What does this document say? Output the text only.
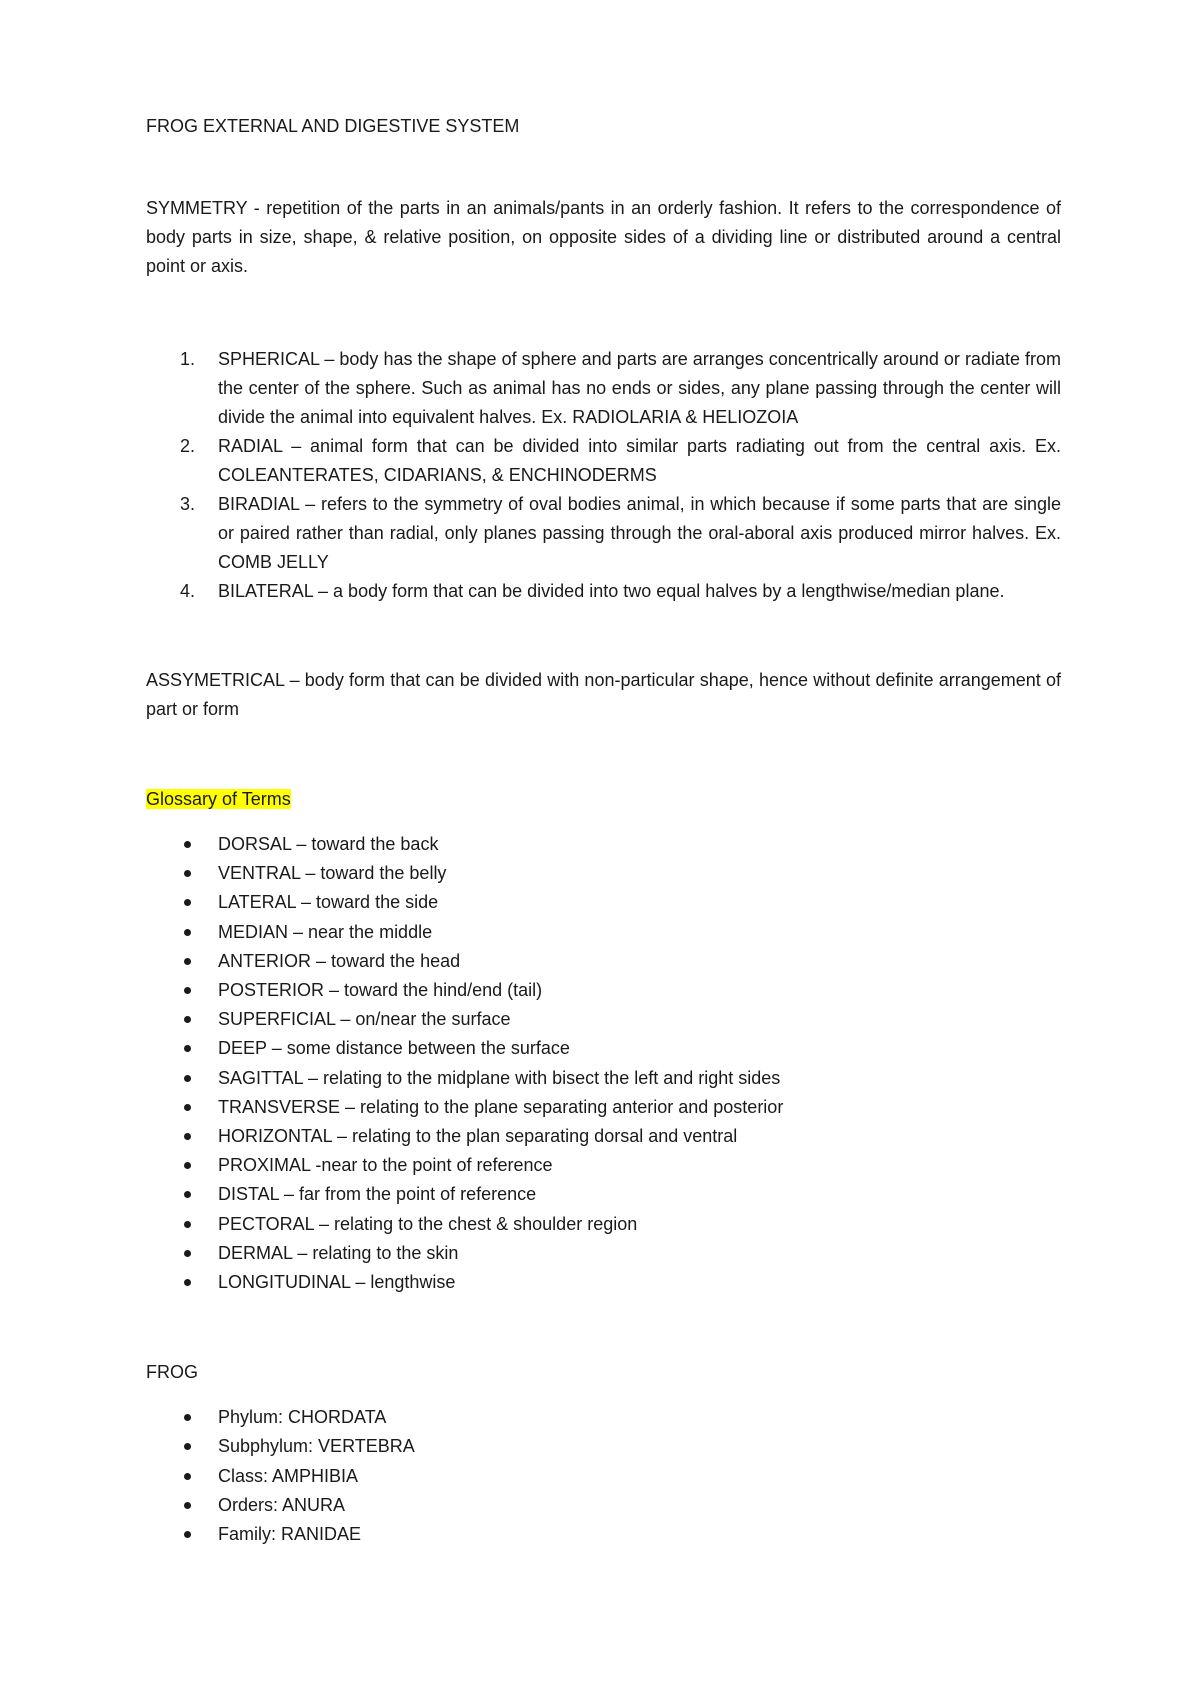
FROG EXTERNAL AND DIGESTIVE SYSTEM

SYMMETRY - repetition of the parts in an animals/pants in an orderly fashion. It refers to the correspondence of body parts in size, shape, & relative position, on opposite sides of a dividing line or distributed around a central point or axis.

1. SPHERICAL – body has the shape of sphere and parts are arranges concentrically around or radiate from the center of the sphere. Such as animal has no ends or sides, any plane passing through the center will divide the animal into equivalent halves. Ex. RADIOLARIA & HELIOZOIA
2. RADIAL – animal form that can be divided into similar parts radiating out from the central axis. Ex. COLEANTERATES, CIDARIANS, & ENCHINODERMS
3. BIRADIAL – refers to the symmetry of oval bodies animal, in which because if some parts that are single or paired rather than radial, only planes passing through the oral-aboral axis produced mirror halves. Ex. COMB JELLY
4. BILATERAL – a body form that can be divided into two equal halves by a lengthwise/median plane.

ASSYMETRICAL – body form that can be divided with non-particular shape, hence without definite arrangement of part or form

Glossary of Terms

DORSAL – toward the back
VENTRAL – toward the belly
LATERAL – toward the side
MEDIAN – near the middle
ANTERIOR – toward the head
POSTERIOR – toward the hind/end (tail)
SUPERFICIAL – on/near the surface
DEEP – some distance between the surface
SAGITTAL – relating to the midplane with bisect the left and right sides
TRANSVERSE – relating to the plane separating anterior and posterior
HORIZONTAL – relating to the plan separating dorsal and ventral
PROXIMAL -near to the point of reference
DISTAL – far from the point of reference
PECTORAL – relating to the chest & shoulder region
DERMAL – relating to the skin
LONGITUDINAL – lengthwise

FROG

Phylum: CHORDATA
Subphylum: VERTEBRA
Class: AMPHIBIA
Orders: ANURA
Family: RANIDAE
